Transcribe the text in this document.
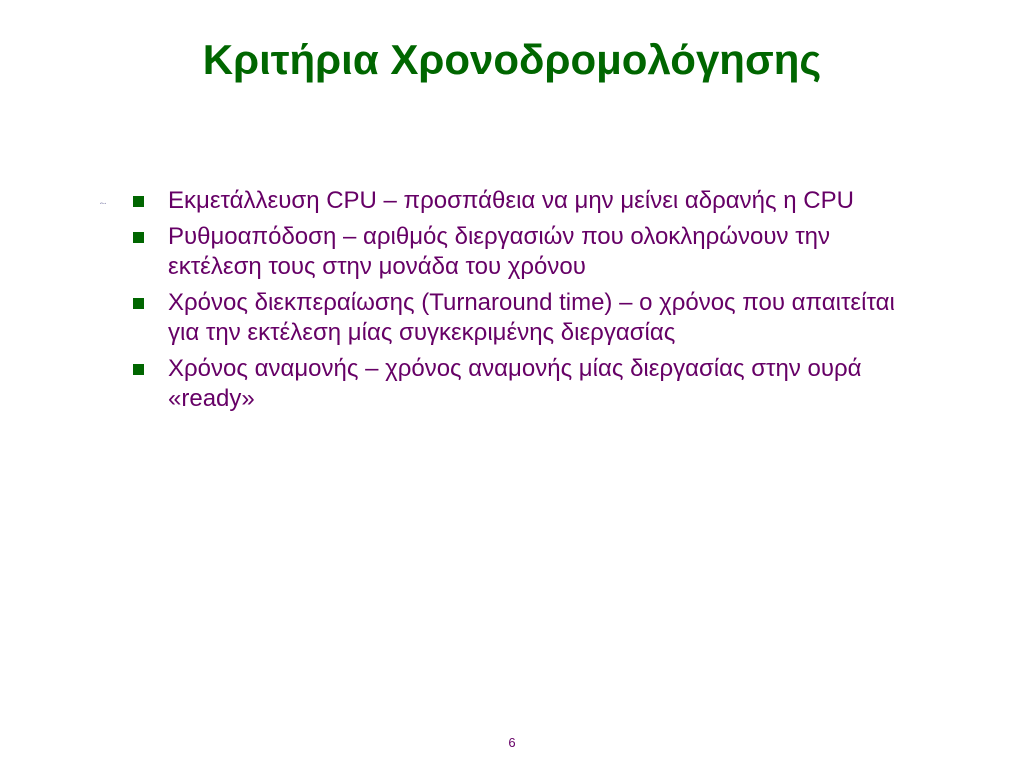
Κριτήρια Χρονοδρομολόγησης
Εκμετάλλευση CPU – προσπάθεια να μην μείνει αδρανής η CPU
Ρυθμοαπόδοση – αριθμός διεργασιών που ολοκληρώνουν την εκτέλεση τους στην μονάδα του χρόνου
Χρόνος διεκπεραίωσης (Turnaround time) – ο χρόνος που απαιτείται για την εκτέλεση μίας συγκεκριμένης διεργασίας
Χρόνος αναμονής – χρόνος αναμονής μίας διεργασίας στην ουρά «ready»
6
